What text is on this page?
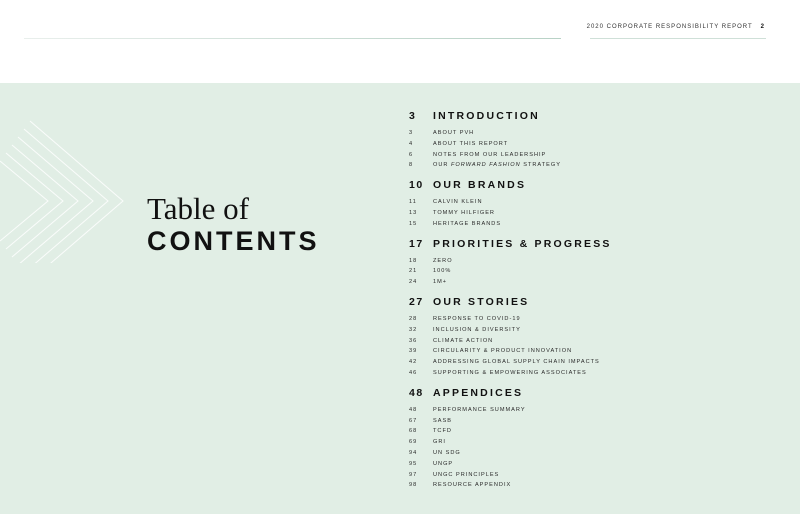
2020 CORPORATE RESPONSIBILITY REPORT 2
Table of
CONTENTS
3	INTRODUCTION
3	ABOUT PVH
4	ABOUT THIS REPORT
6	NOTES FROM OUR LEADERSHIP
8	OUR FORWARD FASHION STRATEGY
10 OUR BRANDS
11	CALVIN KLEIN
13	TOMMY HILFIGER
15	HERITAGE BRANDS
17 PRIORITIES & PROGRESS
18	ZERO
21	100%
24	1M+
27 OUR STORIES
28	RESPONSE TO COVID-19
32	INCLUSION & DIVERSITY
36	CLIMATE ACTION
39	CIRCULARITY & PRODUCT INNOVATION
42	ADDRESSING GLOBAL SUPPLY CHAIN IMPACTS
46	SUPPORTING & EMPOWERING ASSOCIATES
48 APPENDICES
48	PERFORMANCE SUMMARY
67	SASB
68	TCFD
69	GRI
94	UN SDG
95	UNGP
97	UNGC PRINCIPLES
98	RESOURCE APPENDIX
